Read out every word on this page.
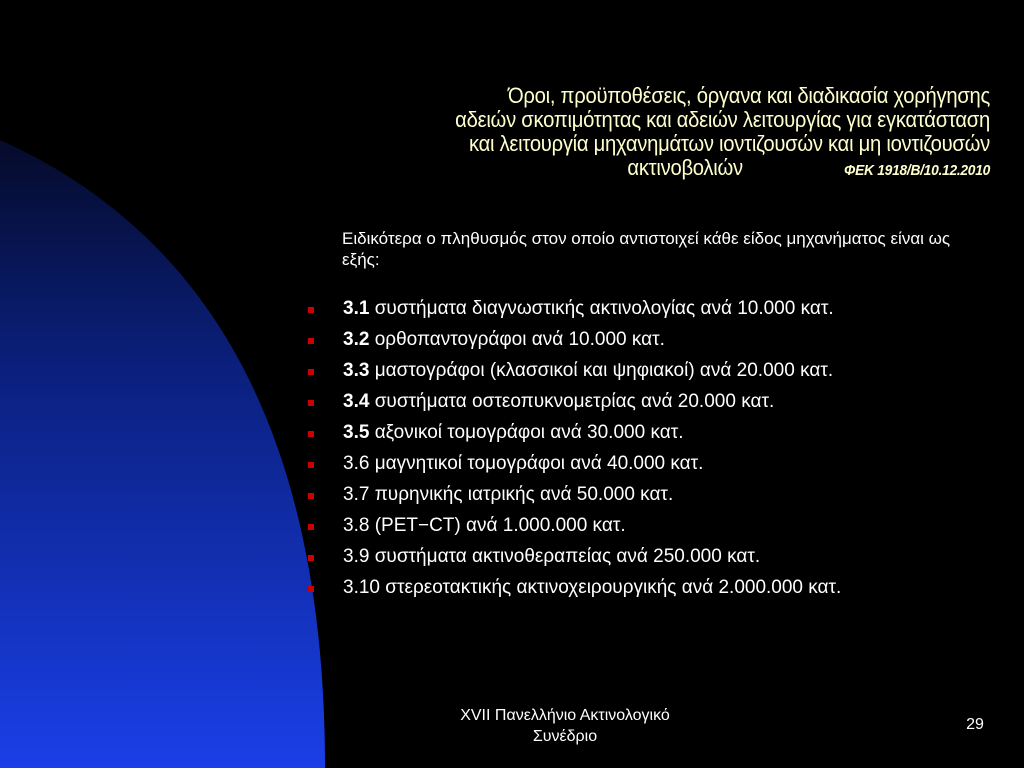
Όροι, προϋποθέσεις, όργανα και διαδικασία χορήγησης
αδειών σκοπιμότητας και αδειών λειτουργίας για εγκατάσταση
και λειτουργία μηχανημάτων ιοντιζουσών και μη ιοντιζουσών
ακτινοβολιών	ΦΕΚ 1918/Β/10.12.2010
Ειδικότερα ο πληθυσμός στον οποίο αντιστοιχεί κάθε είδος μηχανήματος είναι ως εξής:
3.1 συστήματα διαγνωστικής ακτινολογίας ανά 10.000 κατ.
3.2 ορθοπαντογράφοι ανά 10.000 κατ.
3.3 μαστογράφοι (κλασσικοί και ψηφιακοί) ανά 20.000 κατ.
3.4 συστήματα οστεοπυκνομετρίας ανά 20.000 κατ.
3.5 αξονικοί τομογράφοι ανά 30.000 κατ.
3.6 μαγνητικοί τομογράφοι ανά 40.000 κατ.
3.7 πυρηνικής ιατρικής ανά 50.000 κατ.
3.8 (PET−CT) ανά 1.000.000 κατ.
3.9 συστήματα ακτινοθεραπείας ανά 250.000 κατ.
3.10 στερεοτακτικής ακτινοχειρουργικής ανά 2.000.000 κατ.
XVII Πανελλήνιο Ακτινολογικό
Συνέδριο
29
